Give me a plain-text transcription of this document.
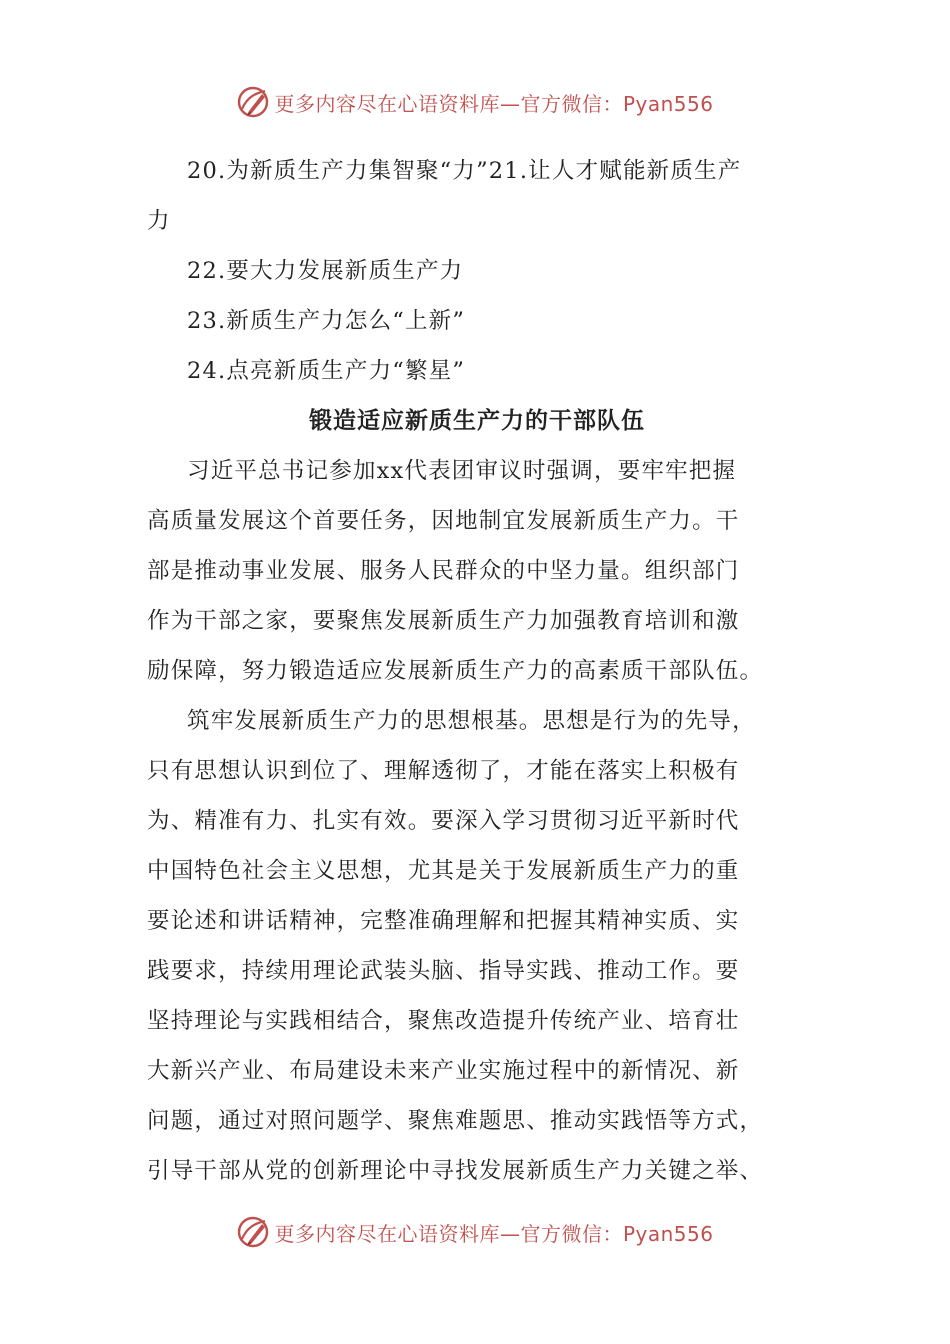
更多内容尽在心语资料库—官方微信：Pyan556
20.为新质生产力集智聚“力”21.让人才赋能新质生产
力
22.要大力发展新质生产力
23.新质生产力怎么“上新”
24.点亮新质生产力“繁星”
锻造适应新质生产力的干部队伍
习近平总书记参加xx代表团审议时强调，要牢牢把握
高质量发展这个首要任务，因地制宜发展新质生产力。干
部是推动事业发展、服务人民群众的中坚力量。组织部门
作为干部之家，要聚焦发展新质生产力加强教育培训和激
励保障，努力锻造适应发展新质生产力的高素质干部队伍。
筑牢发展新质生产力的思想根基。思想是行为的先导，
只有思想认识到位了、理解透彻了，才能在落实上积极有
为、精准有力、扎实有效。要深入学习贯彻习近平新时代
中国特色社会主义思想，尤其是关于发展新质生产力的重
要论述和讲话精神，完整准确理解和把握其精神实质、实
践要求，持续用理论武装头脑、指导实践、推动工作。要
坚持理论与实践相结合，聚焦改造提升传统产业、培育壮
大新兴产业、布局建设未来产业实施过程中的新情况、新
问题，通过对照问题学、聚焦难题思、推动实践悟等方式，
引导干部从党的创新理论中寻找发展新质生产力关键之举、
更多内容尽在心语资料库—官方微信：Pyan556
